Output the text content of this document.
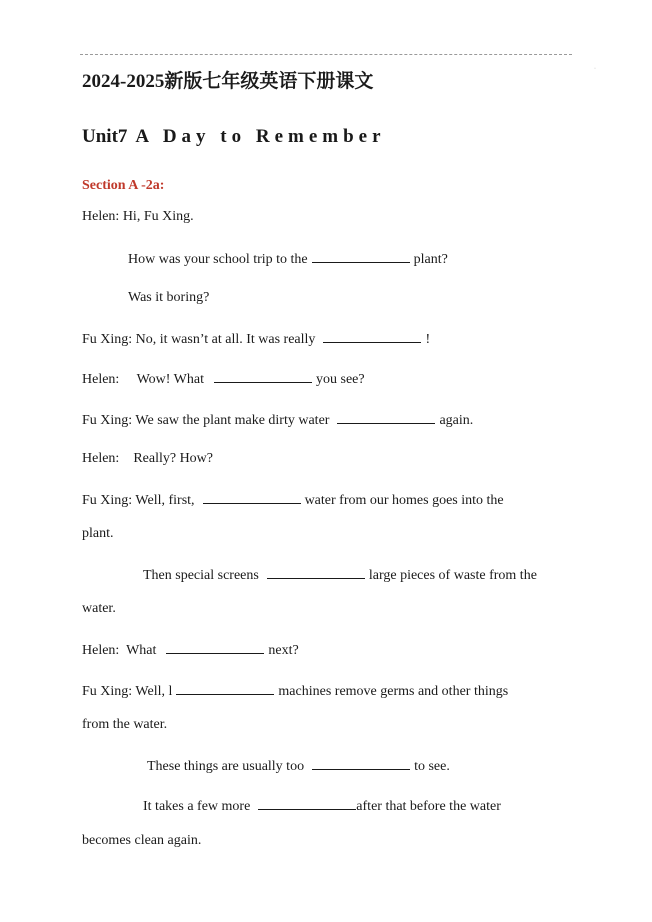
·
2024-2025新版七年级英语下册课文
Unit7 A Day to Remember
Section A -2a:
Helen: Hi, Fu Xing.
How was your school trip to the	plant?
Was it boring?
Fu Xing: No, it wasn’t at all. It was really	!
Helen:     Wow! What	you see?
Fu Xing: We saw the plant make dirty water	again.
Helen:    Really? How?
Fu Xing: Well, first,	water from our homes goes into the
plant.
Then special screens	large pieces of waste from the
water.
Helen:  What	next?
Fu Xing: Well, l	machines remove germs and other things
from the water.
These things are usually too	to see.
It takes a few more	after that before the water
becomes clean again.
